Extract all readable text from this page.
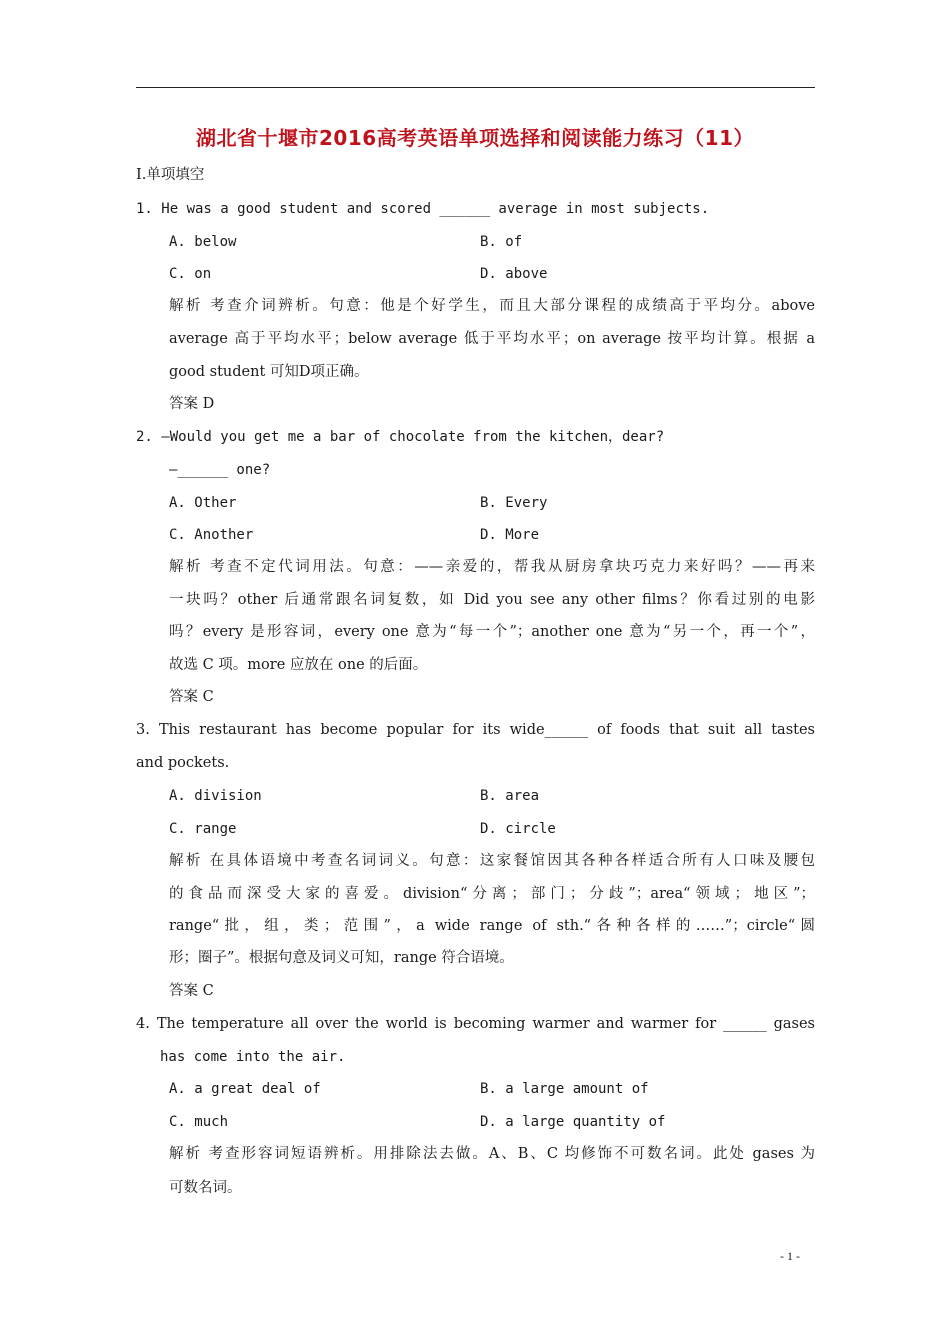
湖北省十堰市2016高考英语单项选择和阅读能力练习（11）
Ⅰ.单项填空
1. He was a good student and scored ______ average in most subjects.
A. below	B. of
C. on	D. above
解析 考查介词辨析。句意：他是个好学生，而且大部分课程的成绩高于平均分。above
average 高于平均水平；below average 低于平均水平；on average 按平均计算。根据 a
good student 可知D项正确。
答案 D
2. —Would you get me a bar of chocolate from the kitchen，dear?
—______ one?
A. Other	B. Every
C. Another	D. More
解析 考查不定代词用法。句意：——亲爱的，帮我从厨房拿块巧克力来好吗？——再来
一块吗？other 后通常跟名词复数，如 Did you see any other films？你看过别的电影
吗？every 是形容词，every one 意为“每一个”；another one 意为“另一个，再一个”，
故选 C 项。more 应放在 one 的后面。
答案 C
3. This restaurant has become popular for its wide______ of foods that suit all tastes
and pockets.
A. division	B. area
C. range	D. circle
解析 在具体语境中考查名词词义。句意：这家餐馆因其各种各样适合所有人口味及腰包
的食品而深受大家的喜爱。division“分离；部门；分歧”；area“领域；地区”；
range“批，组，类；范围”，a wide range of sth.“各种各样的……”；circle“圆
形；圈子”。根据句意及词义可知，range 符合语境。
答案 C
4. The temperature all over the world is becoming warmer and warmer for ______ gases
has come into the air.
A. a great deal of	B. a large amount of
C. much	D. a large quantity of
解析 考查形容词短语辨析。用排除法去做。A、B、C 均修饰不可数名词。此处 gases 为
可数名词。
- 1 -
